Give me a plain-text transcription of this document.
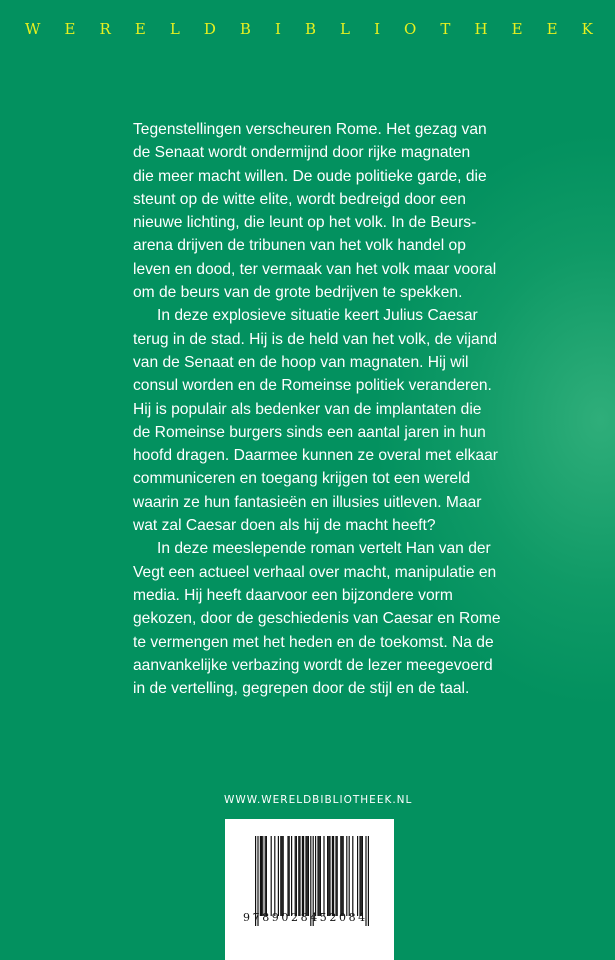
W E R E L D B I B L I O T H E E K
Tegenstellingen verscheuren Rome. Het gezag van
de Senaat wordt ondermijnd door rijke magnaten
die meer macht willen. De oude politieke garde, die
steunt op de witte elite, wordt bedreigd door een
nieuwe lichting, die leunt op het volk. In de Beurs-
arena drijven de tribunen van het volk handel op
leven en dood, ter vermaak van het volk maar vooral
om de beurs van de grote bedrijven te spekken.
In deze explosieve situatie keert Julius Caesar
terug in de stad. Hij is de held van het volk, de vijand
van de Senaat en de hoop van magnaten. Hij wil
consul worden en de Romeinse politiek veranderen.
Hij is populair als bedenker van de implantaten die
de Romeinse burgers sinds een aantal jaren in hun
hoofd dragen. Daarmee kunnen ze overal met elkaar
communiceren en toegang krijgen tot een wereld
waarin ze hun fantasieën en illusies uitleven. Maar
wat zal Caesar doen als hij de macht heeft?
In deze meeslepende roman vertelt Han van der
Vegt een actueel verhaal over macht, manipulatie en
media. Hij heeft daarvoor een bijzondere vorm
gekozen, door de geschiedenis van Caesar en Rome
te vermengen met het heden en de toekomst. Na de
aanvankelijke verbazing wordt de lezer meegevoerd
in de vertelling, gegrepen door de stijl en de taal.
WWW.WERELDBIBLIOTHEEK.NL
9789028452084
